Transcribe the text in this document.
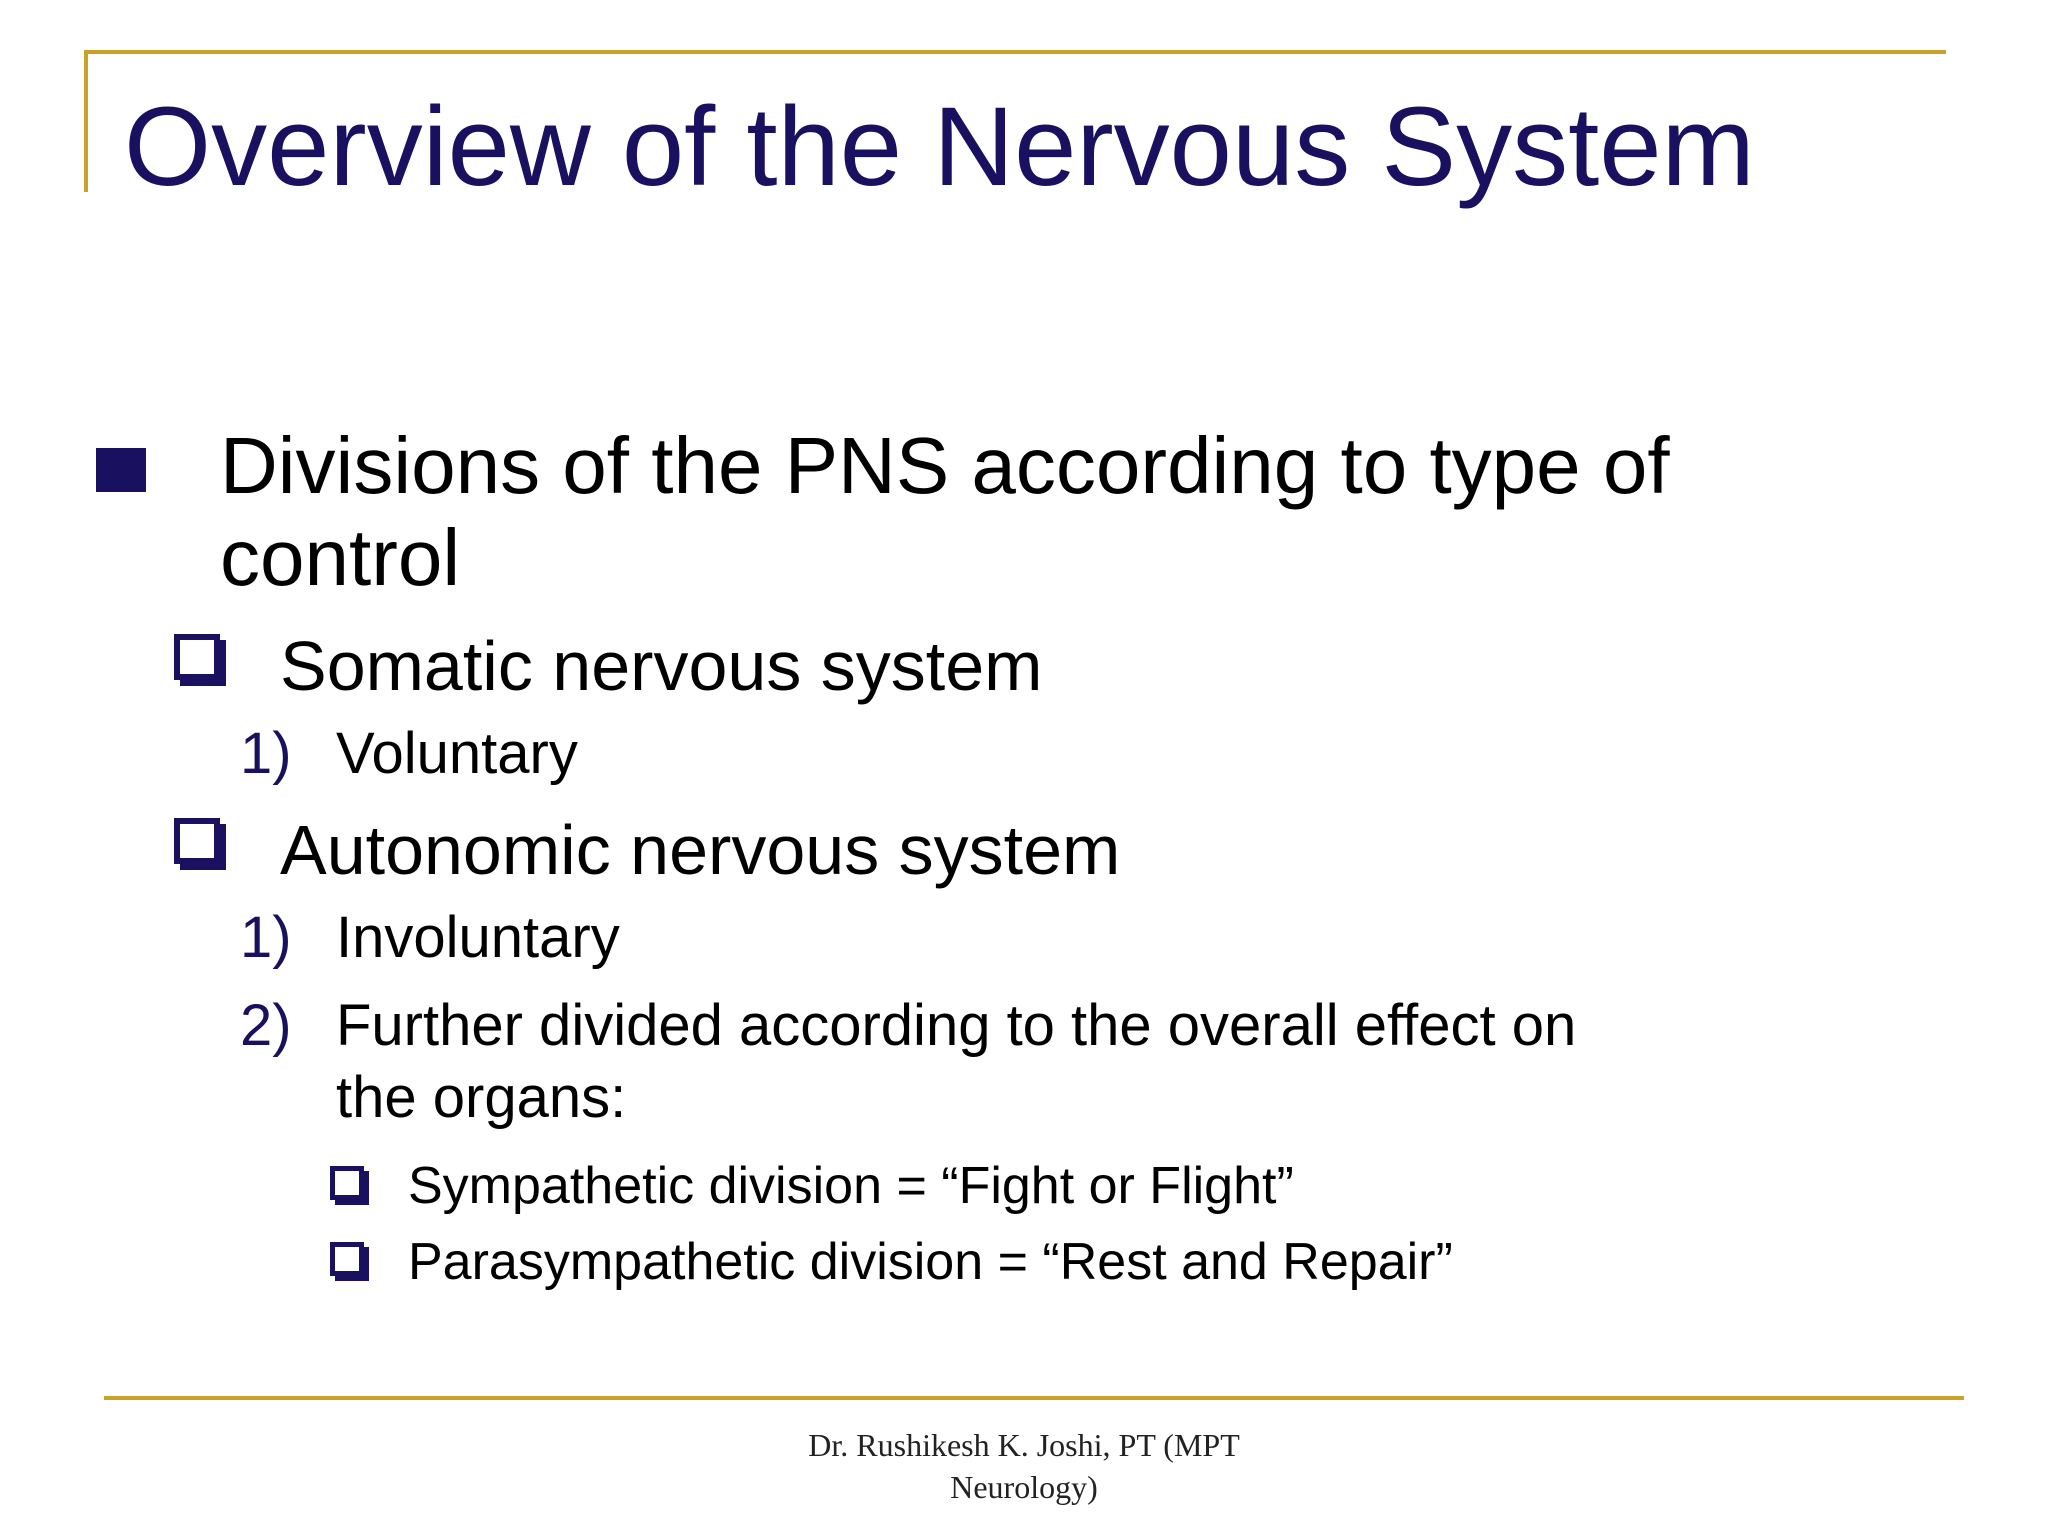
Overview of the Nervous System
Divisions of the PNS according to type of
control
Somatic nervous system
1) Voluntary
Autonomic nervous system
1) Involuntary
2) Further divided according to the overall effect on
the organs:
Sympathetic division = “Fight or Flight”
Parasympathetic division = “Rest and Repair”
Dr. Rushikesh K. Joshi, PT (MPT
Neurology)
